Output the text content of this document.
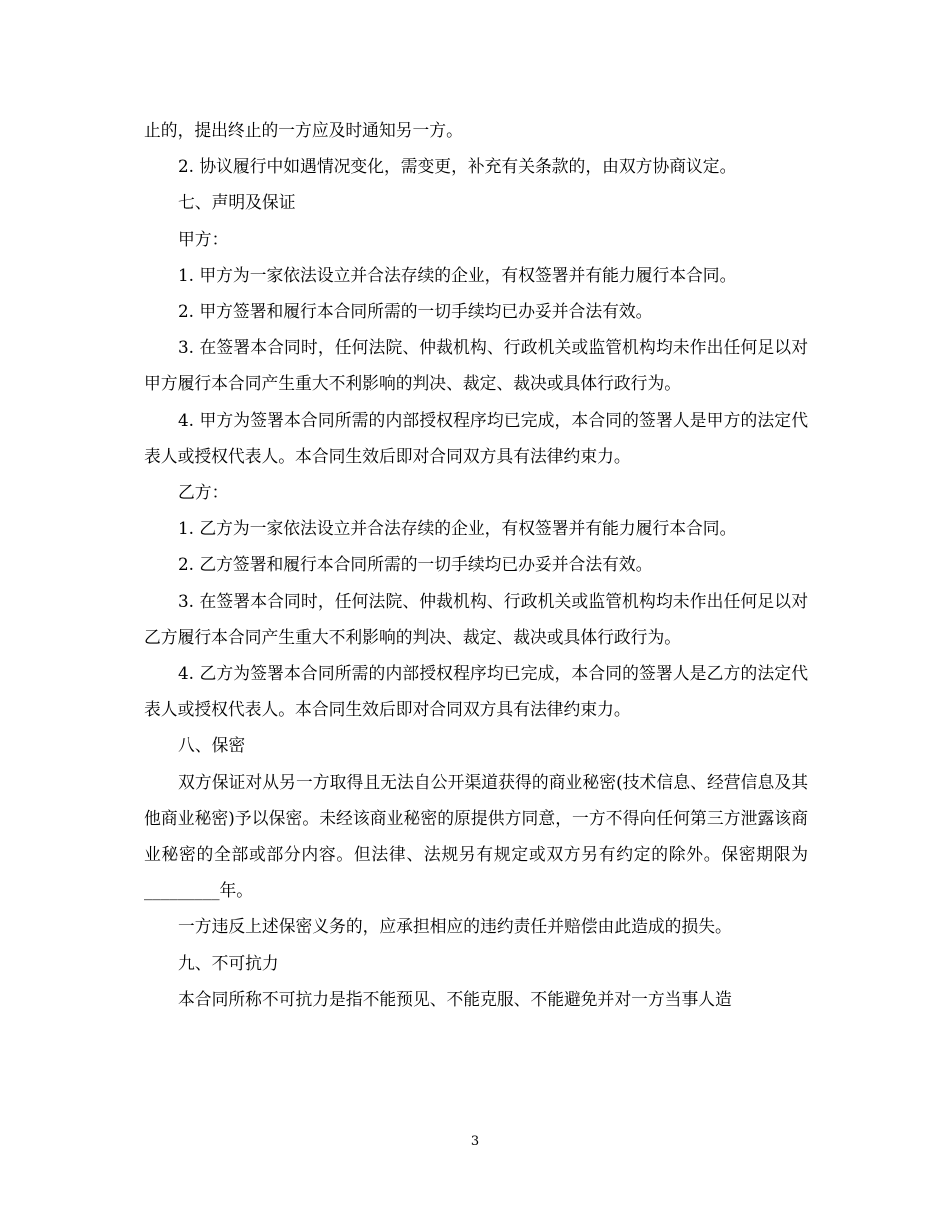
止的，提出终止的一方应及时通知另一方。

2. 协议履行中如遇情况变化，需变更，补充有关条款的，由双方协商议定。

七、声明及保证

甲方：

1. 甲方为一家依法设立并合法存续的企业，有权签署并有能力履行本合同。

2. 甲方签署和履行本合同所需的一切手续均已办妥并合法有效。

3. 在签署本合同时，任何法院、仲裁机构、行政机关或监管机构均未作出任何足以对甲方履行本合同产生重大不利影响的判决、裁定、裁决或具体行政行为。

4. 甲方为签署本合同所需的内部授权程序均已完成，本合同的签署人是甲方的法定代表人或授权代表人。本合同生效后即对合同双方具有法律约束力。

乙方：

1. 乙方为一家依法设立并合法存续的企业，有权签署并有能力履行本合同。

2. 乙方签署和履行本合同所需的一切手续均已办妥并合法有效。

3. 在签署本合同时，任何法院、仲裁机构、行政机关或监管机构均未作出任何足以对乙方履行本合同产生重大不利影响的判决、裁定、裁决或具体行政行为。

4. 乙方为签署本合同所需的内部授权程序均已完成，本合同的签署人是乙方的法定代表人或授权代表人。本合同生效后即对合同双方具有法律约束力。

八、保密

双方保证对从另一方取得且无法自公开渠道获得的商业秘密(技术信息、经营信息及其他商业秘密)予以保密。未经该商业秘密的原提供方同意，一方不得向任何第三方泄露该商业秘密的全部或部分内容。但法律、法规另有规定或双方另有约定的除外。保密期限为_________年。

一方违反上述保密义务的，应承担相应的违约责任并赔偿由此造成的损失。

九、不可抗力

本合同所称不可抗力是指不能预见、不能克服、不能避免并对一方当事人造

3
